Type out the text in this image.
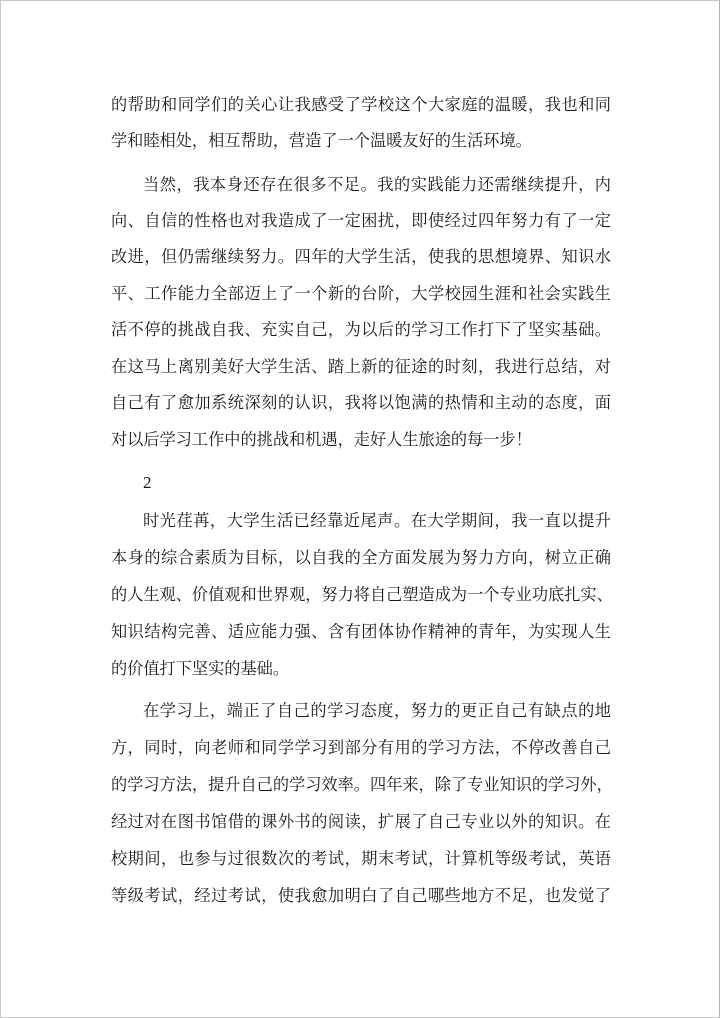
的帮助和同学们的关心让我感受了学校这个大家庭的温暖，我也和同

学和睦相处，相互帮助，营造了一个温暖友好的生活环境。

当然，我本身还存在很多不足。我的实践能力还需继续提升，内

向、自信的性格也对我造成了一定困扰，即使经过四年努力有了一定

改进，但仍需继续努力。四年的大学生活，使我的思想境界、知识水

平、工作能力全部迈上了一个新的台阶，大学校园生涯和社会实践生

活不停的挑战自我、充实自己，为以后的学习工作打下了坚实基础。

在这马上离别美好大学生活、踏上新的征途的时刻，我进行总结，对

自己有了愈加系统深刻的认识，我将以饱满的热情和主动的态度，面

对以后学习工作中的挑战和机遇，走好人生旅途的每一步！

2

时光荏苒，大学生活已经靠近尾声。在大学期间，我一直以提升

本身的综合素质为目标，以自我的全方面发展为努力方向，树立正确

的人生观、价值观和世界观，努力将自己塑造成为一个专业功底扎实、

知识结构完善、适应能力强、含有团体协作精神的青年，为实现人生

的价值打下坚实的基础。

在学习上，端正了自己的学习态度，努力的更正自己有缺点的地

方，同时，向老师和同学学习到部分有用的学习方法，不停改善自己

的学习方法，提升自己的学习效率。四年来，除了专业知识的学习外，

经过对在图书馆借的课外书的阅读，扩展了自己专业以外的知识。在

校期间，也参与过很数次的考试，期末考试，计算机等级考试，英语

等级考试，经过考试，使我愈加明白了自己哪些地方不足，也发觉了
